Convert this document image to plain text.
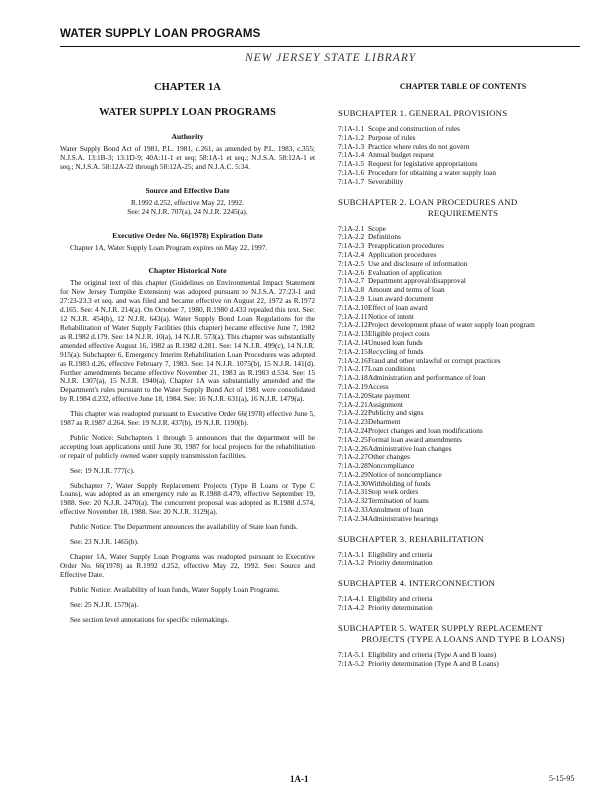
WATER SUPPLY LOAN PROGRAMS
NEW JERSEY STATE LIBRARY
CHAPTER 1A
WATER SUPPLY LOAN PROGRAMS
Authority

Water Supply Bond Act of 1981, P.L. 1981, c.261, as amended by P.L. 1983, c.355; N.J.S.A. 13:1B-3; 13:1D-9; 40A:11-1 et seq; 58:1A-1 et seq.; N.J.S.A. 58:12A-1 et seq.; N.J.S.A. 58:12A-22 through 58:12A-25; and N.J.A.C. 5:34.

Source and Effective Date

R.1992 d.252, effective May 22, 1992.

See: 24 N.J.R. 707(a), 24 N.J.R. 2245(a).

Executive Order No. 66(1978) Expiration Date

Chapter 1A, Water Supply Loan Program expires on May 22, 1997.

Chapter Historical Note

The original text of this chapter (Guidelines on Environmental Impact Statement for New Jersey Turnpike Extension) was adopted pursuant to N.J.S.A. 27:23-1 and 27:23-23.3 et seq. and was filed and became effective on August 22, 1972 as R.1972 d.165. See: 4 N.J.R. 214(a). On October 7, 1980, R.1980 d.433 repealed this text. See: 12 N.J.R. 454(b), 12 N.J.R. 643(a). Water Supply Bond Loan Regulations for the Rehabilitation of Water Supply Facilities (this chapter) became effective June 7, 1982 as R.1982 d.179. See: 14 N.J.R. 10(a), 14 N.J.R. 573(a). This chapter was substantially amended effective August 16, 1982 as R.1982 d.281. See: 14 N.J.R. 499(c), 14 N.J.R. 915(a). Subchapter 6, Emergency Interim Rehabilitation Loan Procedures was adopted as R.1983 d.26, effective February 7, 1983. See: 14 N.J.R. 1075(b), 15 N.J.R. 141(d). Further amendments became effective November 21, 1983 as R.1983 d.534. See: 15 N.J.R. 1307(a), 15 N.J.R. 1940(a). Chapter 1A was substantially amended and the Department's rules pursuant to the Water Supply Bond Act of 1981 were consolidated by R.1984 d.232, effective June 18, 1984. See: 16 N.J.R. 631(a), 16 N.J.R. 1479(a).

This chapter was readopted pursuant to Executive Order 66(1978) effective June 5, 1987 as R.1987 d.264. See: 19 N.J.R. 437(b), 19 N.J.R. 1190(b).

Public Notice: Subchapters 1 through 5 announces that the department will be accepting loan applications until June 30, 1987 for local projects for the rehabilitation or repair of publicly owned water supply transmission facilities.

See: 19 N.J.R. 777(c).

Subchapter 7, Water Supply Replacement Projects (Type B Loans or Type C Loans), was adopted as an emergency rule as R.1988 d.479, effective September 19, 1988. See: 20 N.J.R. 2470(a). The concurrent proposal was adopted as R.1988 d.574, effective November 18, 1988. See: 20 N.J.R. 3129(a).

Public Notice: The Department announces the availability of State loan funds.

See: 23 N.J.R. 1465(b).

Chapter 1A, Water Supply Loan Programs was readopted pursuant to Executive Order No. 66(1978) as R.1992 d.252, effective May 22, 1992. See: Source and Effective Date.

Public Notice: Availability of loan funds, Water Supply Loan Programs.

See: 25 N.J.R. 1579(a).

See section level annotations for specific rulemakings.

CHAPTER TABLE OF CONTENTS
SUBCHAPTER 1. GENERAL PROVISIONS
7:1A-1.1 Scope and construction of rules
7:1A-1.2 Purpose of rules
7:1A-1.3 Practice where rules do not govern
7:1A-1.4 Annual budget request
7:1A-1.5 Request for legislative appropriations
7:1A-1.6 Procedure for obtaining a water supply loan
7:1A-1.7 Severability
SUBCHAPTER 2. LOAN PROCEDURES AND
REQUIREMENTS
7:1A-2.1 Scope
7:1A-2.2 Definitions
7:1A-2.3 Preapplication procedures
7:1A-2.4 Application procedures
7:1A-2.5 Use and disclosure of information
7:1A-2.6 Evaluation of application
7:1A-2.7 Department approval/disapproval
7:1A-2.8 Amount and terms of loan
7:1A-2.9 Loan award document
7:1A-2.10 Effect of loan award
7:1A-2.11 Notice of intent
7:1A-2.12 Project development phase of water supply loan program
7:1A-2.13 Eligible project costs
7:1A-2.14 Unused loan funds
7:1A-2.15 Recycling of funds
7:1A-2.16 Fraud and other unlawful or corrupt practices
7:1A-2.17 Loan conditions
7:1A-2.18 Administration and performance of loan
7:1A-2.19 Access
7:1A-2.20 State payment
7:1A-2.21 Assignment
7:1A-2.22 Publicity and signs
7:1A-2.23 Debarment
7:1A-2.24 Project changes and loan modifications
7:1A-2.25 Formal loan award amendments
7:1A-2.26 Administrative loan changes
7:1A-2.27 Other changes
7:1A-2.28 Noncompliance
7:1A-2.29 Notice of noncompliance
7:1A-2.30 Withholding of funds
7:1A-2.31 Stop work orders
7:1A-2.32 Termination of loans
7:1A-2.33 Annulment of loan
7:1A-2.34 Administrative hearings
SUBCHAPTER 3. REHABILITATION
7:1A-3.1 Eligibility and criteria
7:1A-3.2 Priority determination
SUBCHAPTER 4. INTERCONNECTION
7:1A-4.1 Eligibility and criteria
7:1A-4.2 Priority determination
SUBCHAPTER 5. WATER SUPPLY REPLACEMENT
PROJECTS (TYPE A LOANS AND TYPE B LOANS)
7:1A-5.1 Eligibility and criteria (Type A and B loans)
7:1A-5.2 Priority determination (Type A and B Loans)
1A-1	5-15-95
